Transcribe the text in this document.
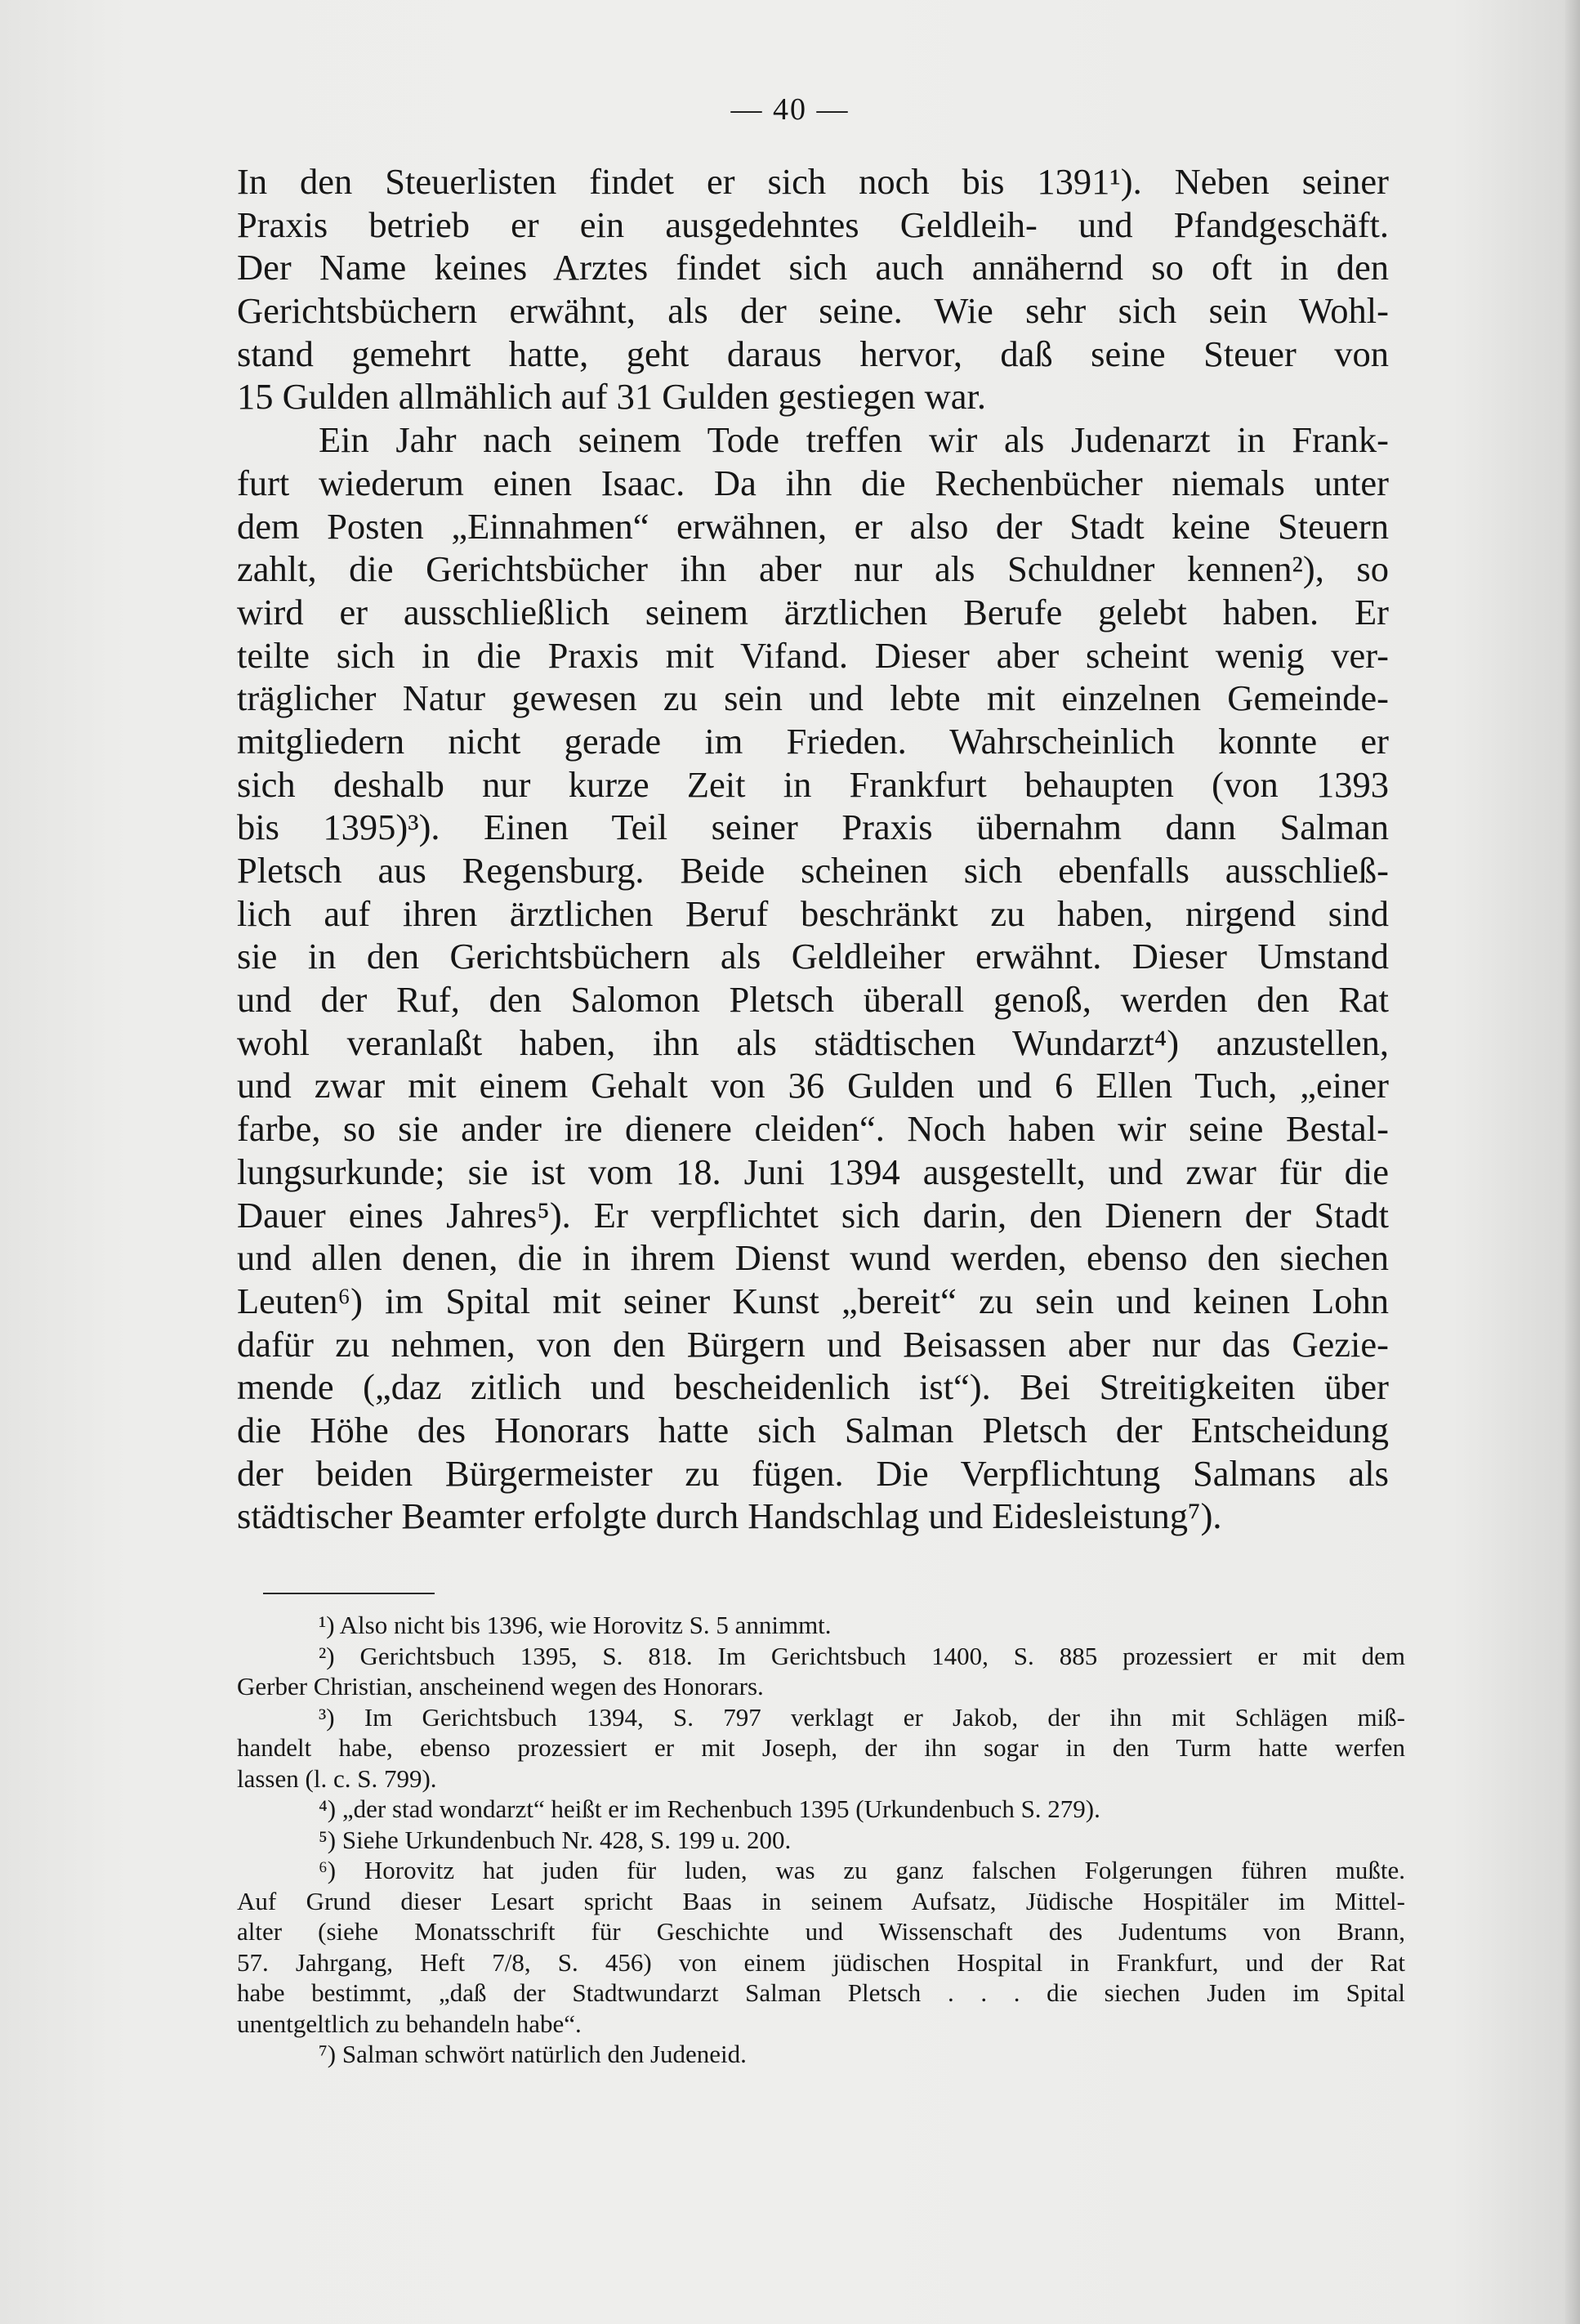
— 40 —
In den Steuerlisten findet er sich noch bis 1391¹). Neben seiner
Praxis betrieb er ein ausgedehntes Geldleih- und Pfandgeschäft.
Der Name keines Arztes findet sich auch annähernd so oft in den
Gerichtsbüchern erwähnt, als der seine. Wie sehr sich sein Wohl-
stand gemehrt hatte, geht daraus hervor, daß seine Steuer von
15 Gulden allmählich auf 31 Gulden gestiegen war.
Ein Jahr nach seinem Tode treffen wir als Judenarzt in Frank-
furt wiederum einen Isaac. Da ihn die Rechenbücher niemals unter
dem Posten „Einnahmen“ erwähnen, er also der Stadt keine Steuern
zahlt, die Gerichtsbücher ihn aber nur als Schuldner kennen²), so
wird er ausschließlich seinem ärztlichen Berufe gelebt haben. Er
teilte sich in die Praxis mit Vifand. Dieser aber scheint wenig ver-
träglicher Natur gewesen zu sein und lebte mit einzelnen Gemeinde-
mitgliedern nicht gerade im Frieden. Wahrscheinlich konnte er
sich deshalb nur kurze Zeit in Frankfurt behaupten (von 1393
bis 1395)³). Einen Teil seiner Praxis übernahm dann Salman
Pletsch aus Regensburg. Beide scheinen sich ebenfalls ausschließ-
lich auf ihren ärztlichen Beruf beschränkt zu haben, nirgend sind
sie in den Gerichtsbüchern als Geldleiher erwähnt. Dieser Umstand
und der Ruf, den Salomon Pletsch überall genoß, werden den Rat
wohl veranlaßt haben, ihn als städtischen Wundarzt⁴) anzustellen,
und zwar mit einem Gehalt von 36 Gulden und 6 Ellen Tuch, „einer
farbe, so sie ander ire dienere cleiden“. Noch haben wir seine Bestal-
lungsurkunde; sie ist vom 18. Juni 1394 ausgestellt, und zwar für die
Dauer eines Jahres⁵). Er verpflichtet sich darin, den Dienern der Stadt
und allen denen, die in ihrem Dienst wund werden, ebenso den siechen
Leuten⁶) im Spital mit seiner Kunst „bereit“ zu sein und keinen Lohn
dafür zu nehmen, von den Bürgern und Beisassen aber nur das Gezie-
mende („daz zitlich und bescheidenlich ist“). Bei Streitigkeiten über
die Höhe des Honorars hatte sich Salman Pletsch der Entscheidung
der beiden Bürgermeister zu fügen. Die Verpflichtung Salmans als
städtischer Beamter erfolgte durch Handschlag und Eidesleistung⁷).
¹) Also nicht bis 1396, wie Horovitz S. 5 annimmt.
²) Gerichtsbuch 1395, S. 818. Im Gerichtsbuch 1400, S. 885 prozessiert er mit dem
Gerber Christian, anscheinend wegen des Honorars.
³) Im Gerichtsbuch 1394, S. 797 verklagt er Jakob, der ihn mit Schlägen miß-
handelt habe, ebenso prozessiert er mit Joseph, der ihn sogar in den Turm hatte werfen
lassen (l. c. S. 799).
⁴) „der stad wondarzt“ heißt er im Rechenbuch 1395 (Urkundenbuch S. 279).
⁵) Siehe Urkundenbuch Nr. 428, S. 199 u. 200.
⁶) Horovitz hat juden für luden, was zu ganz falschen Folgerungen führen mußte.
Auf Grund dieser Lesart spricht Baas in seinem Aufsatz, Jüdische Hospitäler im Mittel-
alter (siehe Monatsschrift für Geschichte und Wissenschaft des Judentums von Brann,
57. Jahrgang, Heft 7/8, S. 456) von einem jüdischen Hospital in Frankfurt, und der Rat
habe bestimmt, „daß der Stadtwundarzt Salman Pletsch . . . die siechen Juden im Spital
unentgeltlich zu behandeln habe“.
⁷) Salman schwört natürlich den Judeneid.
